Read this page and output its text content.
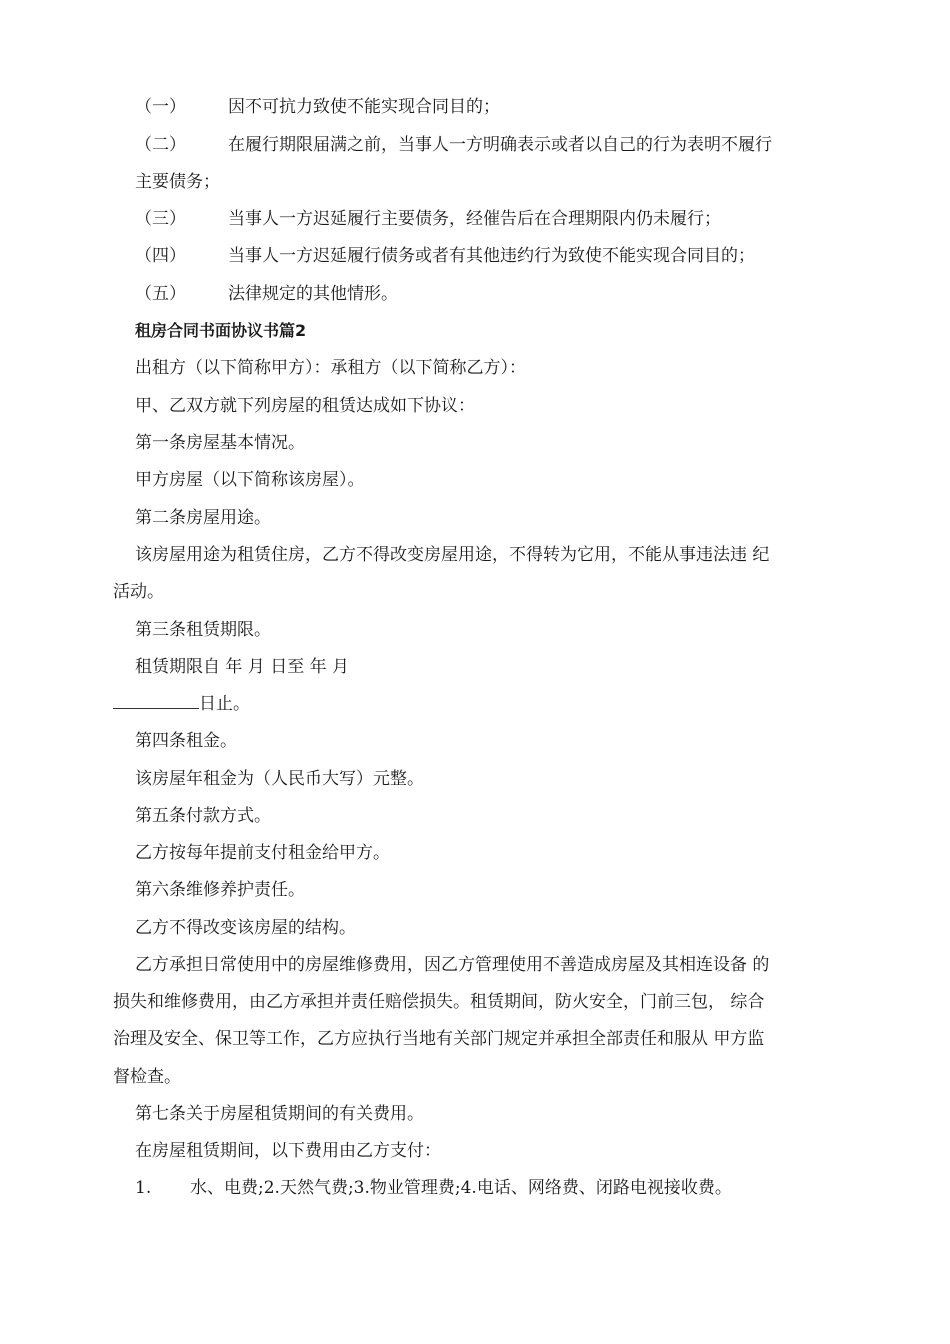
（一） 因不可抗力致使不能实现合同目的；
（二） 在履行期限届满之前，当事人一方明确表示或者以自己的行为表明不履行
主要债务；
（三） 当事人一方迟延履行主要债务，经催告后在合理期限内仍未履行；
（四） 当事人一方迟延履行债务或者有其他违约行为致使不能实现合同目的；
（五） 法律规定的其他情形。
租房合同书面协议书篇2
出租方（以下简称甲方）：承租方（以下简称乙方）：
甲、乙双方就下列房屋的租赁达成如下协议：
第一条房屋基本情况。
甲方房屋（以下简称该房屋）。
第二条房屋用途。
该房屋用途为租赁住房，乙方不得改变房屋用途，不得转为它用，不能从事违法违 纪
活动。
第三条租赁期限。
租赁期限自 年 月 日至 年 月
日止。
第四条租金。
该房屋年租金为（人民币大写）元整。
第五条付款方式。
乙方按每年提前支付租金给甲方。
第六条维修养护责任。
乙方不得改变该房屋的结构。
乙方承担日常使用中的房屋维修费用，因乙方管理使用不善造成房屋及其相连设备 的
损失和维修费用，由乙方承担并责任赔偿损失。租赁期间，防火安全，门前三包， 综合
治理及安全、保卫等工作，乙方应执行当地有关部门规定并承担全部责任和服从 甲方监
督检查。
第七条关于房屋租赁期间的有关费用。
在房屋租赁期间，以下费用由乙方支付：
1. 水、电费;2.天然气费;3.物业管理费;4.电话、网络费、闭路电视接收费。
